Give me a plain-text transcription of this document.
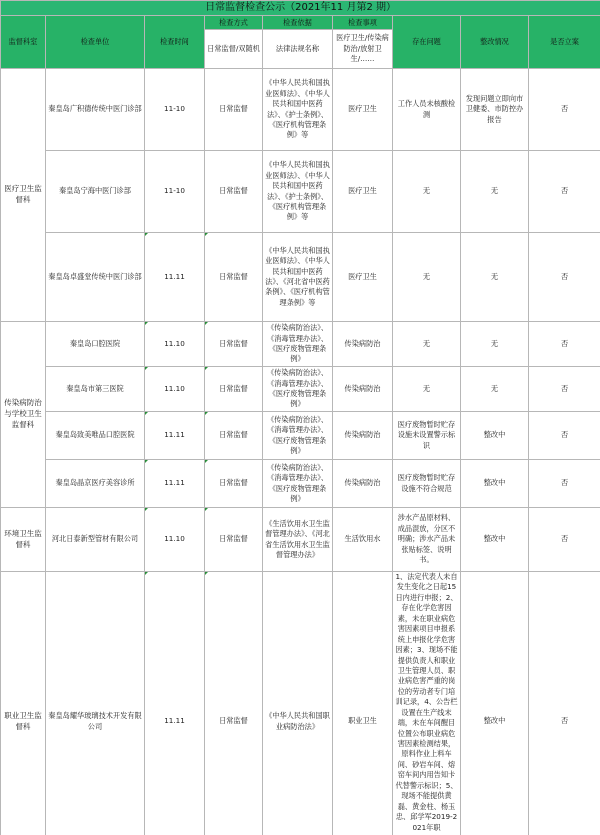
日常监督检查公示（2021年11 月第2 期）								
监督科室	检查单位	检查时间	检查方式	检查依据	检查事项	存在问题	整改情况	是否立案
			日常监督/双随机	法律法规名称	医疗卫生/传染病防治/放射卫生/……			
医疗卫生监督科	秦皇岛广积德传统中医门诊部	11-10	日常监督	《中华人民共和国执业医师法》、《中华人民共和国中医药法》、《护士条例》、《医疗机构管理条例》等	医疗卫生	工作人员未核酸检测	发现问题立即向市卫健委、市防控办报告	否
	秦皇岛宁海中医门诊部	11-10	日常监督	《中华人民共和国执业医师法》、《中华人民共和国中医药法》、《护士条例》、《医疗机构管理条例》等	医疗卫生	无	无	否
	秦皇岛卓盛堂传统中医门诊部	11.11	日常监督	《中华人民共和国执业医师法》、《中华人民共和国中医药法》、《河北省中医药条例》、《医疗机构管理条例》等	医疗卫生	无	无	否
传染病防治与学校卫生监督科	秦皇岛口腔医院	11.10	日常监督	《传染病防治法》、《消毒管理办法》、《医疗废物管理条例》	传染病防治	无	无	否
	秦皇岛市第三医院	11.10	日常监督	《传染病防治法》、《消毒管理办法》、《医疗废物管理条例》	传染病防治	无	无	否
	秦皇岛致美唯品口腔医院	11.11	日常监督	《传染病防治法》、《消毒管理办法》、《医疗废物管理条例》	传染病防治	医疗废物暂时贮存设施未设置警示标识	整改中	否
	秦皇岛晶京医疗美容诊所	11.11	日常监督	《传染病防治法》、《消毒管理办法》、《医疗废物管理条例》	传染病防治	医疗废物暂时贮存设施不符合规范	整改中	否
环境卫生监督科	河北日泰新型管材有限公司	11.10	日常监督	《生活饮用水卫生监督管理办法》、《河北省生活饮用水卫生监督管理办法》	生活饮用水	涉水产品原材料、成品混放，分区不明确；涉水产品未张贴标签、说明书。	整改中	否
职业卫生监督科	秦皇岛耀华玻璃技术开发有限公司	11.11	日常监督	《中华人民共和国职业病防治法》	职业卫生	1、法定代表人未自发生变化之日起15日内进行申报；2、存在化学危害因素，未在职业病危害因素项目申报系统上申报化学危害因素；3、现场不能提供负责人和职业卫生管理人员、职业病危害严重的岗位的劳动者专门培训记录，4、公告栏设置在生产线末端，未在车间醒目位置公布职业病危害因素检测结果，原料作业上料车间、砂岩车间、熔窑车间内用告知卡代替警示标识；5、现场不能提供黄磊、黄金柱、杨玉忠、邱学军2019-2021年职	整改中	否
